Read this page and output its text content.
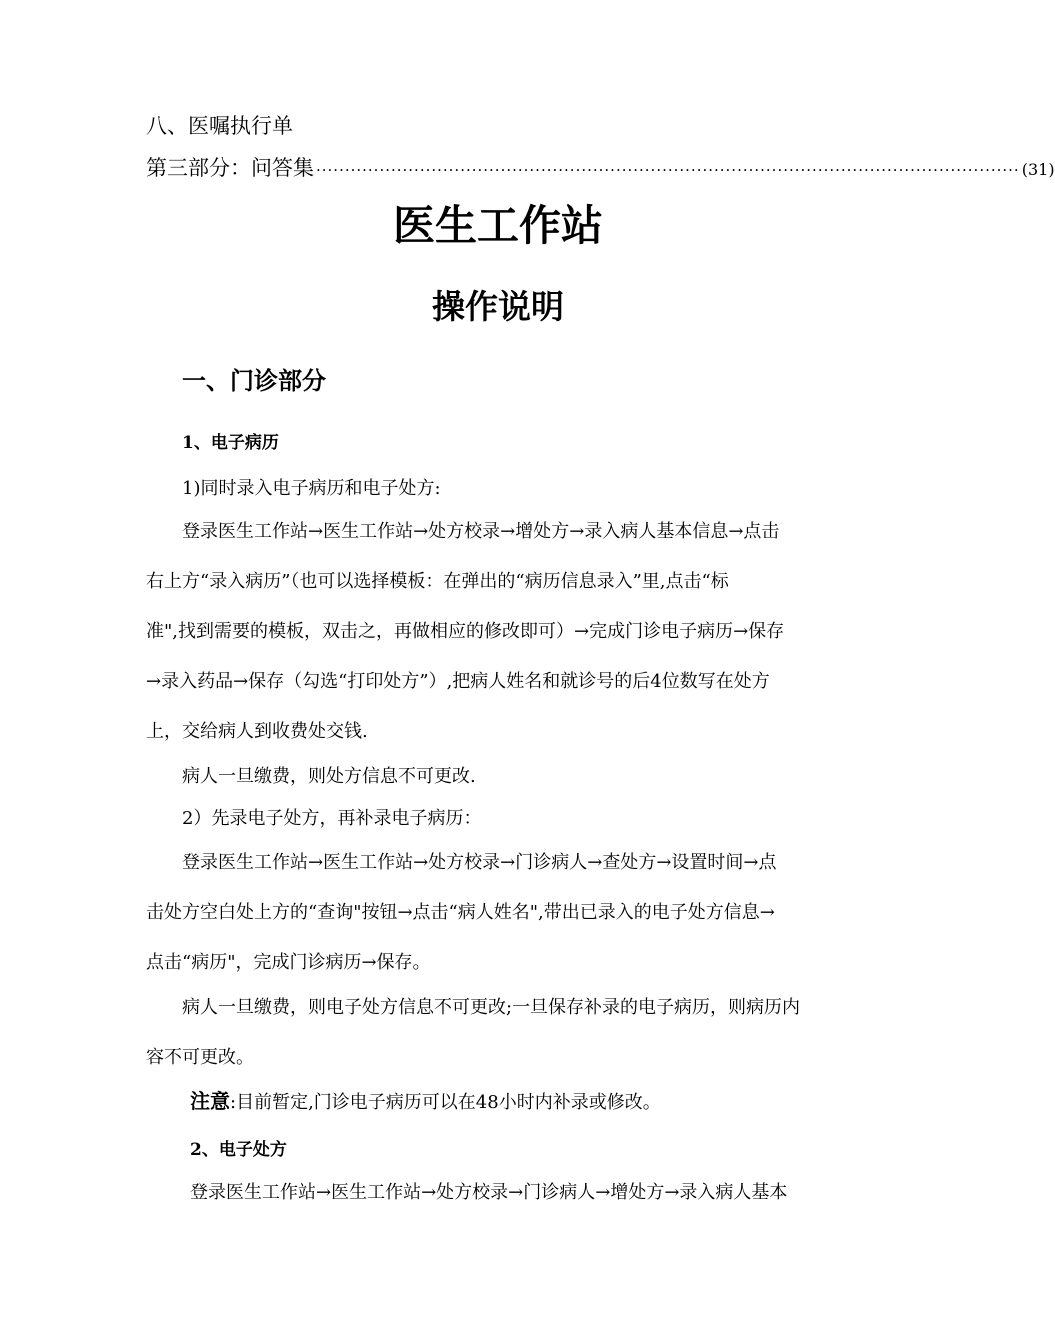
八、医嘱执行单
第三部分：问答集 ·························································································································· (31)
医生工作站
操作说明
一、门诊部分
1、电子病历
1)同时录入电子病历和电子处方:
登录医生工作站→医生工作站→处方校录→增处方→录入病人基本信息→点击
右上方“录入病历”（也可以选择模板：在弹出的“病历信息录入”里,点击“标
准",找到需要的模板，双击之，再做相应的修改即可）→完成门诊电子病历→保存
→录入药品→保存（勾选“打印处方”）,把病人姓名和就诊号的后4位数写在处方
上，交给病人到收费处交钱.
病人一旦缴费，则处方信息不可更改.
2）先录电子处方，再补录电子病历：
登录医生工作站→医生工作站→处方校录→门诊病人→查处方→设置时间→点
击处方空白处上方的“查询"按钮→点击“病人姓名",带出已录入的电子处方信息→
点击“病历"，完成门诊病历→保存。
病人一旦缴费，则电子处方信息不可更改;一旦保存补录的电子病历，则病历内
容不可更改。
注意:目前暂定,门诊电子病历可以在48小时内补录或修改。
2、电子处方
登录医生工作站→医生工作站→处方校录→门诊病人→增处方→录入病人基本
